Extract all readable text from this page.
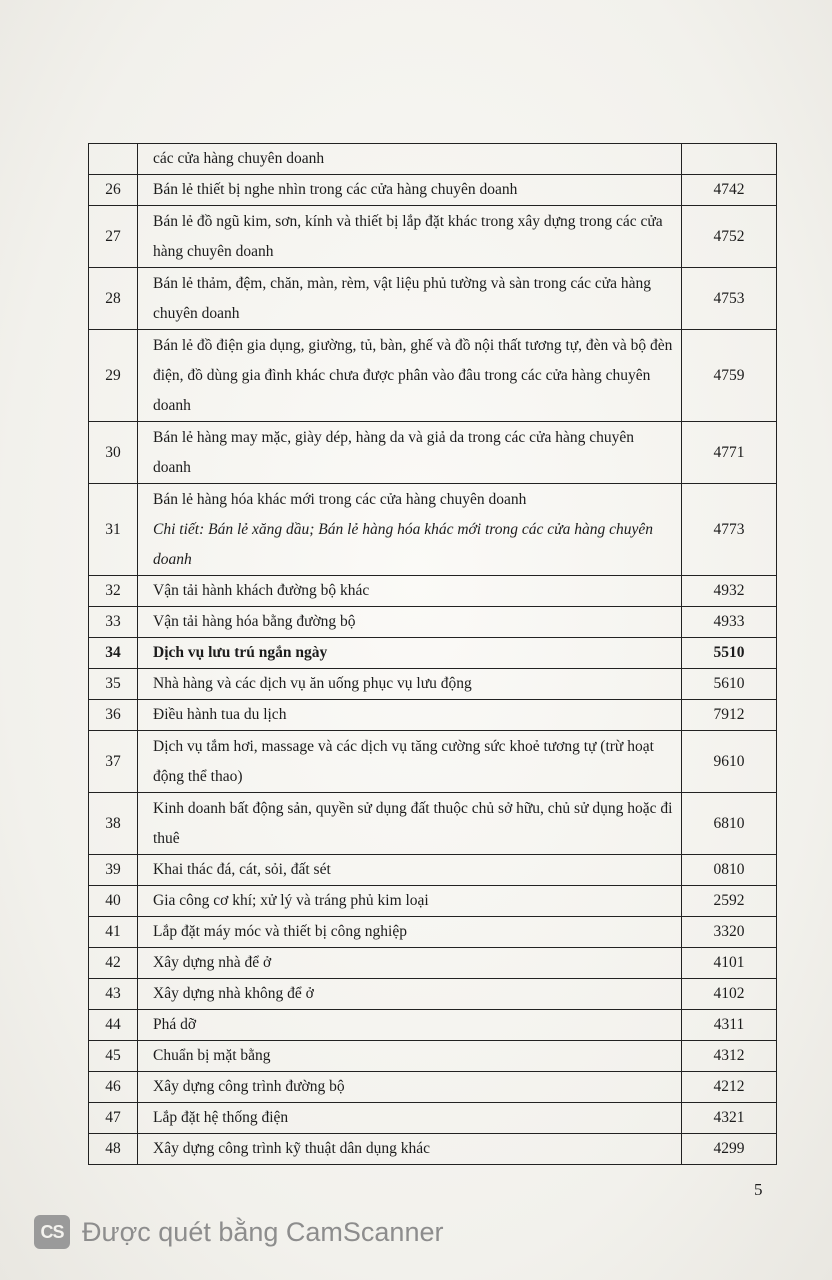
	các cửa hàng chuyên doanh	

26	Bán lẻ thiết bị nghe nhìn trong các cửa hàng chuyên doanh	4742
27	Bán lẻ đồ ngũ kim, sơn, kính và thiết bị lắp đặt khác trong xây dựng trong các cửa hàng chuyên doanh	4752
28	Bán lẻ thảm, đệm, chăn, màn, rèm, vật liệu phủ tường và sàn trong các cửa hàng chuyên doanh	4753
29	Bán lẻ đồ điện gia dụng, giường, tủ, bàn, ghế và đồ nội thất tương tự, đèn và bộ đèn điện, đồ dùng gia đình khác chưa được phân vào đâu trong các cửa hàng chuyên doanh	4759
30	Bán lẻ hàng may mặc, giày dép, hàng da và giả da trong các cửa hàng chuyên doanh	4771
31	Bán lẻ hàng hóa khác mới trong các cửa hàng chuyên doanh
Chi tiết: Bán lẻ xăng dầu; Bán lẻ hàng hóa khác mới trong các cửa hàng chuyên doanh	4773
32	Vận tải hành khách đường bộ khác	4932
33	Vận tải hàng hóa bằng đường bộ	4933
34	Dịch vụ lưu trú ngắn ngày	5510
35	Nhà hàng và các dịch vụ ăn uống phục vụ lưu động	5610
36	Điều hành tua du lịch	7912
37	Dịch vụ tắm hơi, massage và các dịch vụ tăng cường sức khoẻ tương tự (trừ hoạt động thể thao)	9610
38	Kinh doanh bất động sản, quyền sử dụng đất thuộc chủ sở hữu, chủ sử dụng hoặc đi thuê	6810
39	Khai thác đá, cát, sỏi, đất sét	0810
40	Gia công cơ khí; xử lý và tráng phủ kim loại	2592
41	Lắp đặt máy móc và thiết bị công nghiệp	3320
42	Xây dựng nhà để ở	4101
43	Xây dựng nhà không để ở	4102
44	Phá dỡ	4311
45	Chuẩn bị mặt bằng	4312
46	Xây dựng công trình đường bộ	4212
47	Lắp đặt hệ thống điện	4321
48	Xây dựng công trình kỹ thuật dân dụng khác	4299
5
CS Được quét bằng CamScanner
